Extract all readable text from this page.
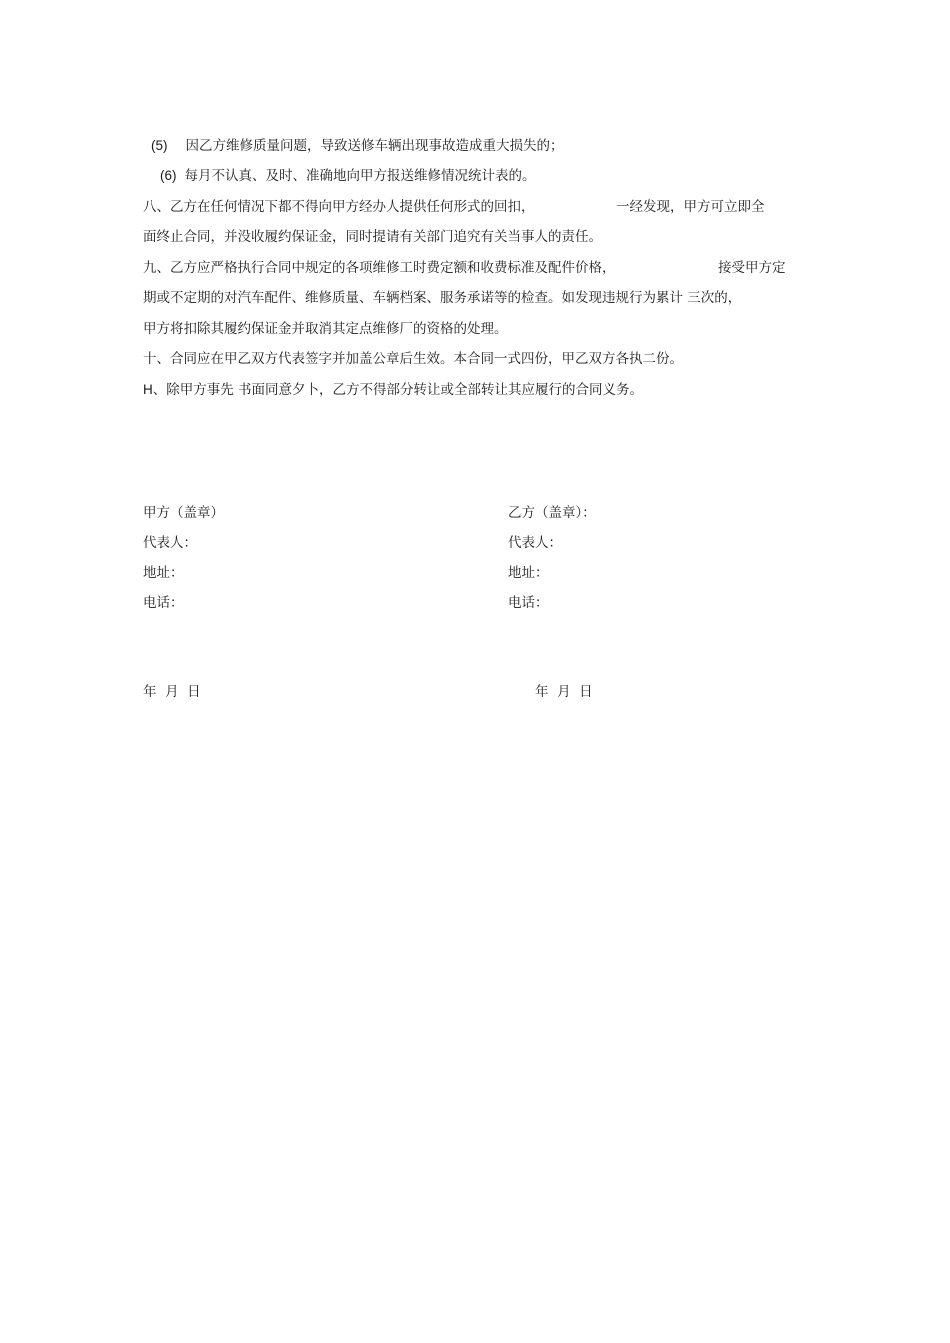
(5) 因乙方维修质量问题，导致送修车辆出现事故造成重大损失的；
(6) 每月不认真、及时、准确地向甲方报送维修情况统计表的。
八、乙方在任何情况下都不得向甲方经办人提供任何形式的回扣，	一经发现，甲方可立即全
面终止合同，并没收履约保证金，同时提请有关部门追究有关当事人的责任。
九、乙方应严格执行合同中规定的各项维修工时费定额和收费标准及配件价格，	接受甲方定
期或不定期的对汽车配件、维修质量、车辆档案、服务承诺等的检查。如发现违规行为累计 三次的，
甲方将扣除其履约保证金并取消其定点维修厂的资格的处理。
十、合同应在甲乙双方代表签字并加盖公章后生效。本合同一式四份，甲乙双方各执二份。
H、除甲方事先 书面同意夕卜，乙方不得部分转让或全部转让其应履行的合同义务。
甲方（盖章）
代表人：
地址：
电话：
年  月  日
乙方（盖章）：
代表人：
地址：
电话：
年  月  日
